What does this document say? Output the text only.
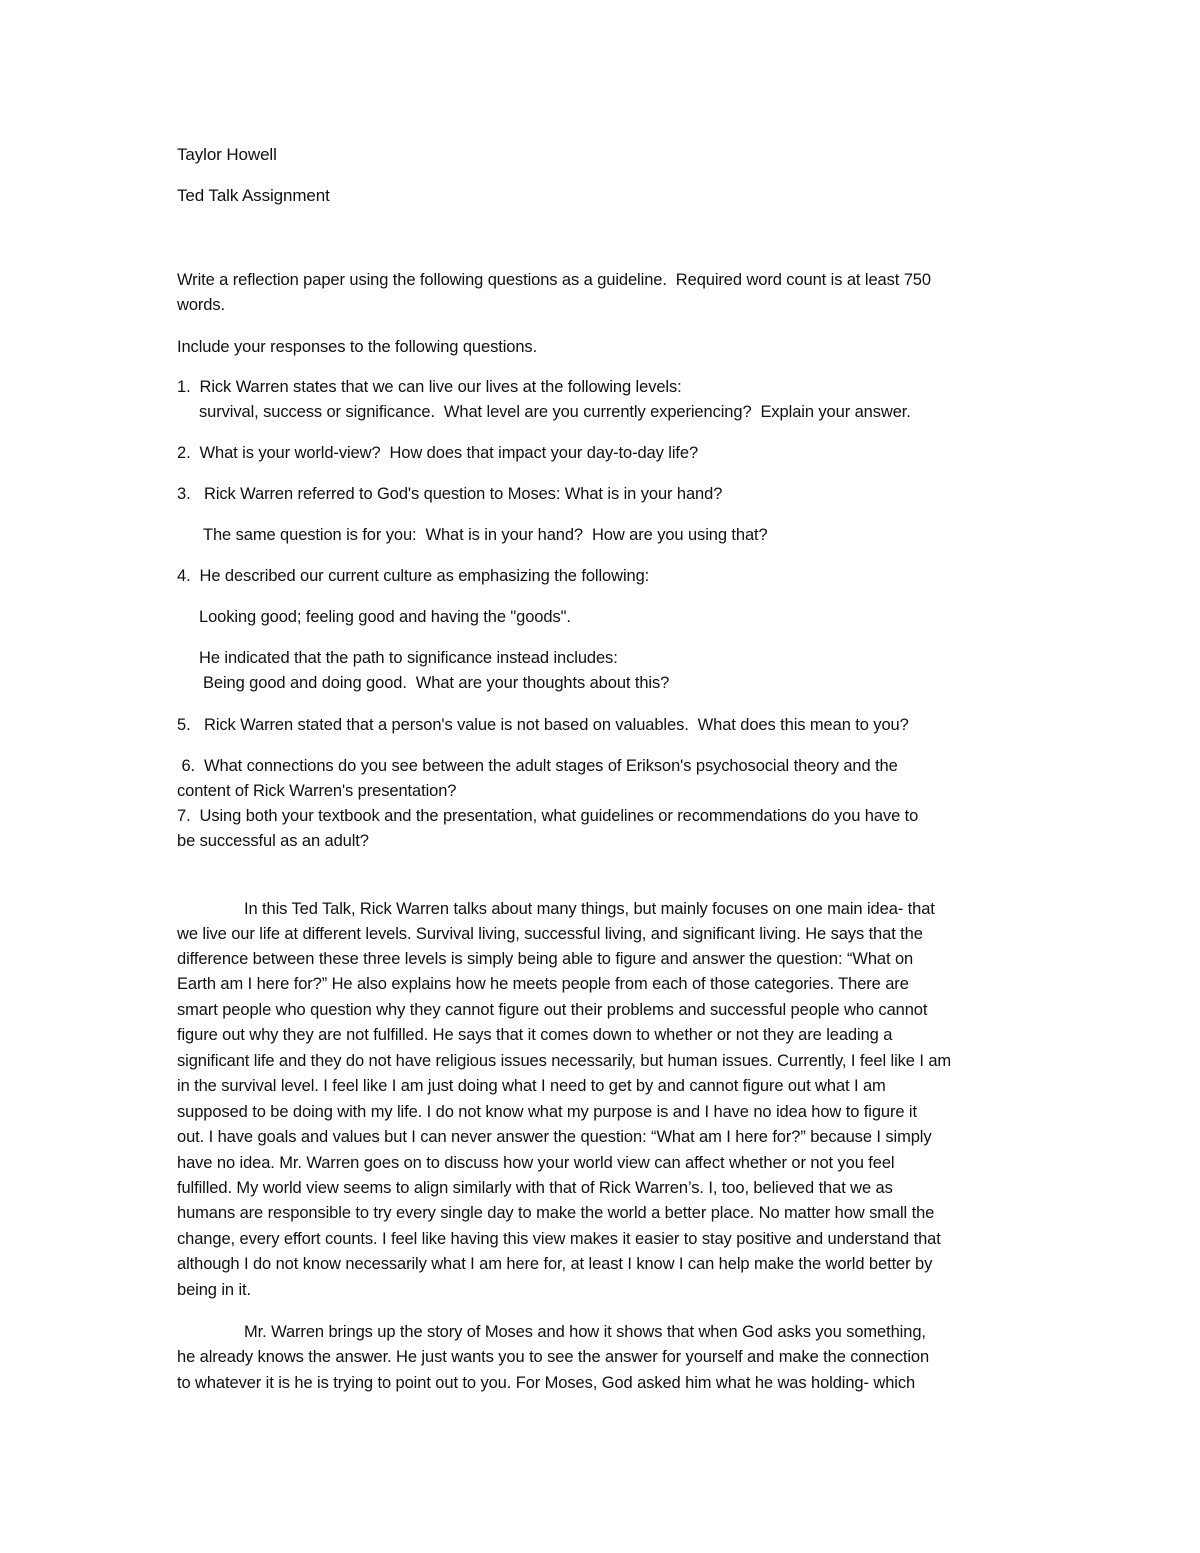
Taylor Howell
Ted Talk Assignment
Write a reflection paper using the following questions as a guideline.  Required word count is at least 750
words.
Include your responses to the following questions.
1.  Rick Warren states that we can live our lives at the following levels:
survival, success or significance.  What level are you currently experiencing?  Explain your answer.
2.  What is your world-view?  How does that impact your day-to-day life?
3.   Rick Warren referred to God's question to Moses: What is in your hand?
The same question is for you:  What is in your hand?  How are you using that?
4.  He described our current culture as emphasizing the following:
Looking good; feeling good and having the "goods".
He indicated that the path to significance instead includes:
Being good and doing good.  What are your thoughts about this?
5.   Rick Warren stated that a person's value is not based on valuables.  What does this mean to you?
6.  What connections do you see between the adult stages of Erikson's psychosocial theory and the
content of Rick Warren's presentation?
7.  Using both your textbook and the presentation, what guidelines or recommendations do you have to
be successful as an adult?
In this Ted Talk, Rick Warren talks about many things, but mainly focuses on one main idea- that
we live our life at different levels. Survival living, successful living, and significant living. He says that the
difference between these three levels is simply being able to figure and answer the question: “What on
Earth am I here for?” He also explains how he meets people from each of those categories. There are
smart people who question why they cannot figure out their problems and successful people who cannot
figure out why they are not fulfilled. He says that it comes down to whether or not they are leading a
significant life and they do not have religious issues necessarily, but human issues. Currently, I feel like I am
in the survival level. I feel like I am just doing what I need to get by and cannot figure out what I am
supposed to be doing with my life. I do not know what my purpose is and I have no idea how to figure it
out. I have goals and values but I can never answer the question: “What am I here for?” because I simply
have no idea. Mr. Warren goes on to discuss how your world view can affect whether or not you feel
fulfilled. My world view seems to align similarly with that of Rick Warren’s. I, too, believed that we as
humans are responsible to try every single day to make the world a better place. No matter how small the
change, every effort counts. I feel like having this view makes it easier to stay positive and understand that
although I do not know necessarily what I am here for, at least I know I can help make the world better by
being in it.
Mr. Warren brings up the story of Moses and how it shows that when God asks you something,
he already knows the answer. He just wants you to see the answer for yourself and make the connection
to whatever it is he is trying to point out to you. For Moses, God asked him what he was holding- which
